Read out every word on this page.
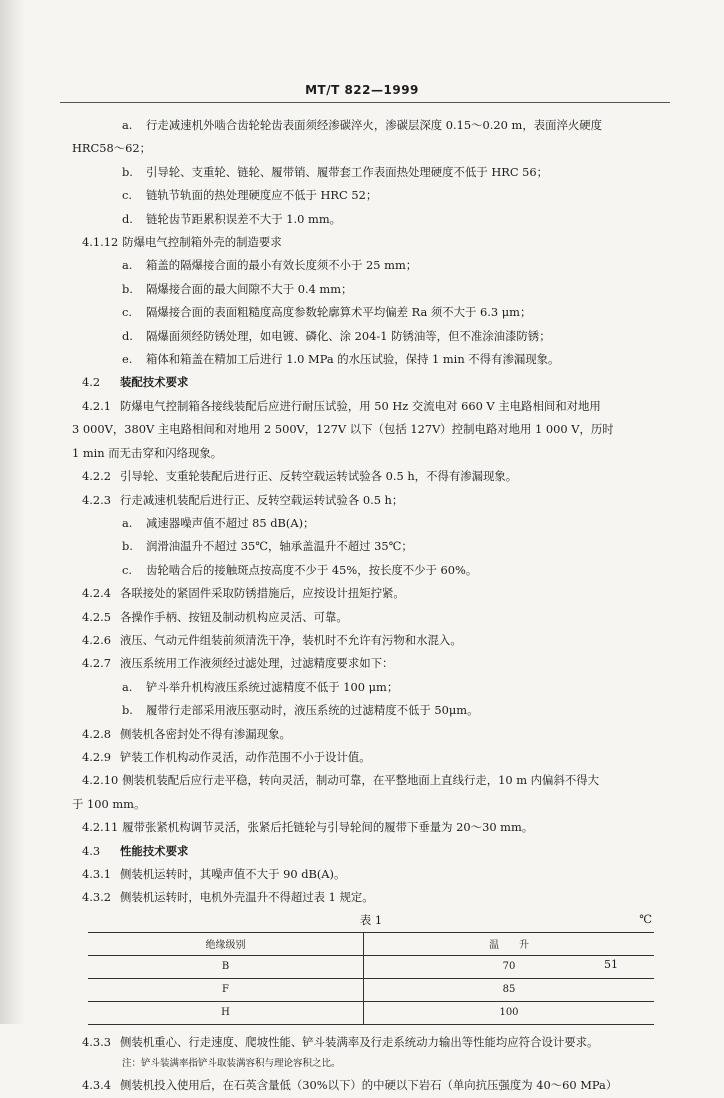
MT/T 822—1999
a. 行走减速机外啮合齿轮轮齿表面须经渗碳淬火，渗碳层深度 0.15～0.20 m，表面淬火硬度
HRC58～62；
b. 引导轮、支重轮、链轮、履带销、履带套工作表面热处理硬度不低于 HRC 56；
c. 链轨节轨面的热处理硬度应不低于 HRC 52；
d. 链轮齿节距累积误差不大于 1.0 mm。
4.1.12 防爆电气控制箱外壳的制造要求
a. 箱盖的隔爆接合面的最小有效长度须不小于 25 mm；
b. 隔爆接合面的最大间隙不大于 0.4 mm；
c. 隔爆接合面的表面粗糙度高度参数轮廓算术平均偏差 Ra 须不大于 6.3 μm；
d. 隔爆面须经防锈处理，如电镀、磷化、涂 204-1 防锈油等，但不准涂油漆防锈；
e. 箱体和箱盖在精加工后进行 1.0 MPa 的水压试验，保持 1 min 不得有渗漏现象。
4.2 装配技术要求
4.2.1 防爆电气控制箱各接线装配后应进行耐压试验，用 50 Hz 交流电对 660 V 主电路相间和对地用
3 000V，380V 主电路相间和对地用 2 500V，127V 以下（包括 127V）控制电路对地用 1 000 V，历时
1 min 而无击穿和闪络现象。
4.2.2 引导轮、支重轮装配后进行正、反转空载运转试验各 0.5 h，不得有渗漏现象。
4.2.3 行走减速机装配后进行正、反转空载运转试验各 0.5 h；
a. 减速器噪声值不超过 85 dB(A)；
b. 润滑油温升不超过 35℃，轴承盖温升不超过 35℃；
c. 齿轮啮合后的接触斑点按高度不少于 45%，按长度不少于 60%。
4.2.4 各联接处的紧固件采取防锈措施后，应按设计扭矩拧紧。
4.2.5 各操作手柄、按钮及制动机构应灵活、可靠。
4.2.6 液压、气动元件组装前须清洗干净，装机时不允许有污物和水混入。
4.2.7 液压系统用工作液须经过滤处理，过滤精度要求如下：
a. 铲斗举升机构液压系统过滤精度不低于 100 μm；
b. 履带行走部采用液压驱动时，液压系统的过滤精度不低于 50μm。
4.2.8 侧装机各密封处不得有渗漏现象。
4.2.9 铲装工作机构动作灵活，动作范围不小于设计值。
4.2.10 侧装机装配后应行走平稳，转向灵活，制动可靠，在平整地面上直线行走，10 m 内偏斜不得大
于 100 mm。
4.2.11 履带张紧机构调节灵活，张紧后托链轮与引导轮间的履带下垂量为 20～30 mm。
4.3 性能技术要求
4.3.1 侧装机运转时，其噪声值不大于 90 dB(A)。
4.3.2 侧装机运转时，电机外壳温升不得超过表 1 规定。
表 1	℃
绝缘级别	温　　升
B	70
F	85
H	100
4.3.3 侧装机重心、行走速度、爬坡性能、铲斗装满率及行走系统动力输出等性能均应符合设计要求。
注：铲斗装满率指铲斗取装满容积与理论容积之比。
4.3.4 侧装机投入使用后，在石英含量低（30%以下）的中硬以下岩石（单向抗压强度为 40～60 MPa）
51
